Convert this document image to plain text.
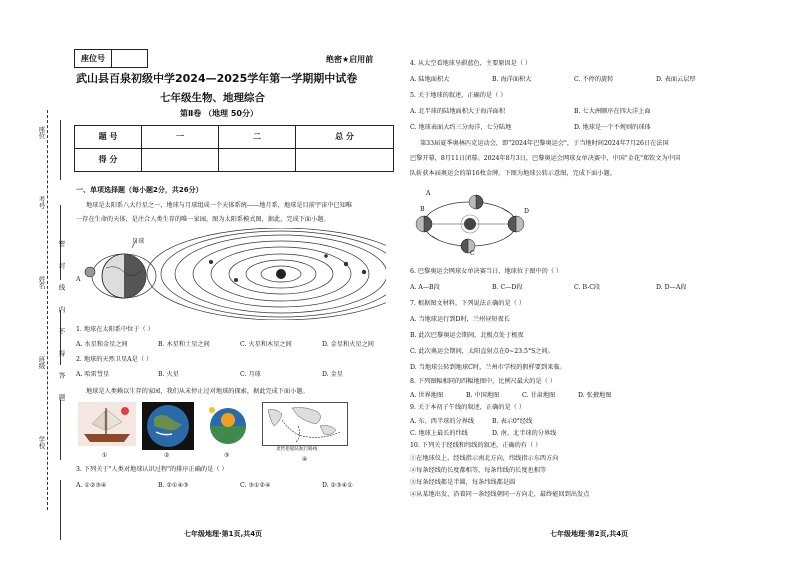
学校
班级
姓名
考号
座位
密
封
线
内
不
得
答
题
座位号		绝密★启用前
武山县百泉初级中学2024—2025学年第一学期期中试卷
七年级生物、地理综合
第Ⅱ卷 （地理 50分）
题 号	一	二	总 分
得 分			
一、单项选择题（每小题2分，共26分）
地球是太阳系八大行星之一，地球与月球组成一个天体系统——地月系，地球是目前宇宙中已知唯
一存在生命的天体，是注合人类生存的唯一家园。图为太阳系模式图，据此，完成下面小题。
A
月球
1. 地球在太阳系中位于（ ）
A. 水星和金星之间	B. 木星和土星之间	C. 火星和木星之间	D. 金星和火星之间
2. 地球的天然卫星A是（ ）
A. 哈雷彗星	B. 火星	C. 月球	D. 金星
地球是人类赖以生存的家园，我们从未停止过对地球的探索，据此完成下面小题。
麦哲伦船队航行路线
①	②	③
④
3. 下列关于"人类对地球认识过程"的排序正确的是（ ）
A. ①②③④	B. ②①④③	C. ③①②④	D. ②③④①
七年级地理·第1页,共4页
4. 从太空看地球呈蔚蓝色，主要原因是（ ）
A. 陆地面积大	B. 海洋面积大	C. 不停的旋转	D. 表面云层厚
5. 关于地球的叙述，正确的是（ ）
A. 北半球的陆地面积大于海洋面积	B. 七大洲顺序在四大洋上面
C. 地球表面大约三分海洋，七分陆地	D. 地球是一个不规则的球体
第33届夏季奥林匹克运动会，即"2024年巴黎奥运会"，于当地时间2024年7月26日在法国
巴黎开幕，8月11日闭幕。2024年8月3日，巴黎奥运会网球女单决赛中，中国"金花"郑钦文为中国
队斩获本届奥运会的第16枚金牌。下图为地球公转示意图，完成下面小题。
A
B
C
D
6. 巴黎奥运会网球女单决赛当日，地球位于图中的（ ）
A. A—B段	B. C—D段	C. B-C段	D. D—A段
7. 根据图文材料，下列说法正确的是（ ）
A. 当地球运行到D时，兰州昼短夜长
B. 此次巴黎奥运会期间，北极点处于极夜
C. 此次奥运会期间，太阳直射点在0~23.5°S之间。
D. 当地球公转到地球C时，兰州市学校的假样要到来临。
8. 下列图幅相同的四幅地图中，比例尺最大的是（ ）
A. 世界地图	B. 中国地图	C. 甘肃地图	D. 张掖地图
9. 关于本初子午线的叙述，正确的是（ ）
A. 东、西半球的分界线	B. 表示0°经线
C. 地球上最长的纬线	D. 南、北半球的分界线
10. 下列关于经线和纬线的叙述，正确的有（ ）
①在地球仪上，经线指示南北方向，纬线指示东西方向
②每条经线的长度都相等，每条纬线的长度也相等
③每条经线都是半圆，每条纬线都是圆
④从某地出发，沿着同一条经线朝同一方向走，最终能回到出发点
七年级地理·第2页,共4页
